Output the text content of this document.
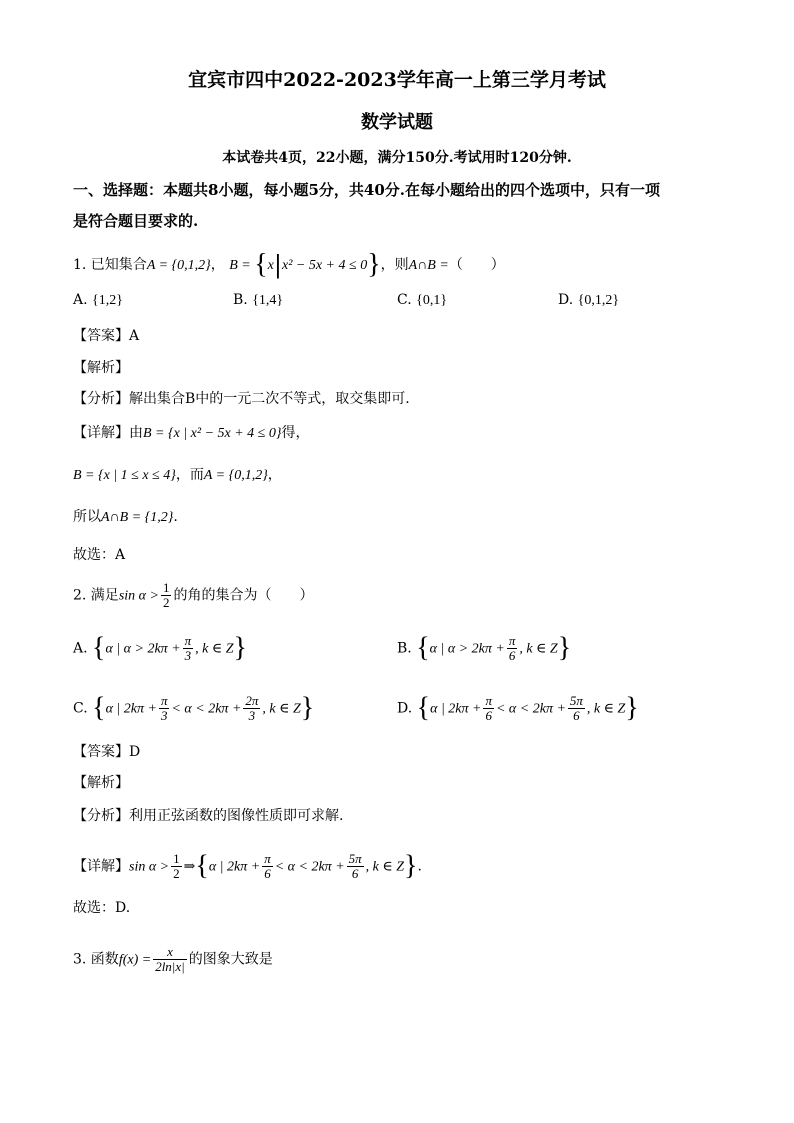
宜宾市四中2022-2023学年高一上第三学月考试
数学试题
本试卷共4页，22小题，满分150分.考试用时120分钟.
一、选择题：本题共8小题，每小题5分，共40分.在每小题给出的四个选项中，只有一项
是符合题目要求的.
1. 已知集合A = {0,1,2}， B = {x|x² − 5x + 4 ≤ 0}，则A∩B =（　　）
A. {1,2}	B. {1,4}	C. {0,1}	D. {0,1,2}
【答案】A
【解析】
【分析】解出集合B中的一元二次不等式，取交集即可.
【详解】由B = {x | x² − 5x + 4 ≤ 0}得，
B = {x | 1 ≤ x ≤ 4}，而A = {0,1,2}，
所以A∩B = {1,2}.
故选：A
2. 满足$\sin \alpha > \frac{1}{2}$ 的角的集合为（　　）
A. {α | $\alpha > 2k\pi + \frac{\pi}{3}$ , k ∈ Z}	B. {α | $\alpha > 2k\pi + \frac{\pi}{6}$ , k ∈ Z}
C. {α | $2k\pi + \frac{\pi}{3} < \alpha < 2k\pi + \frac{2\pi}{3}$ , k ∈ Z}	D. {α | $2k\pi + \frac{\pi}{6} < \alpha < 2k\pi + \frac{5\pi}{6}$ , k ∈ Z}
【答案】D
【解析】
【分析】利用正弦函数的图像性质即可求解.
【详解】$\sin \alpha > \frac{1}{2}$ ⇒{α | $2k\pi + \frac{\pi}{6} < \alpha < 2k\pi + \frac{5\pi}{6}$ , k ∈ Z}.
故选：D.
3. 函数$f(x) = \frac{x}{2\ln|x|}$ 的图象大致是
